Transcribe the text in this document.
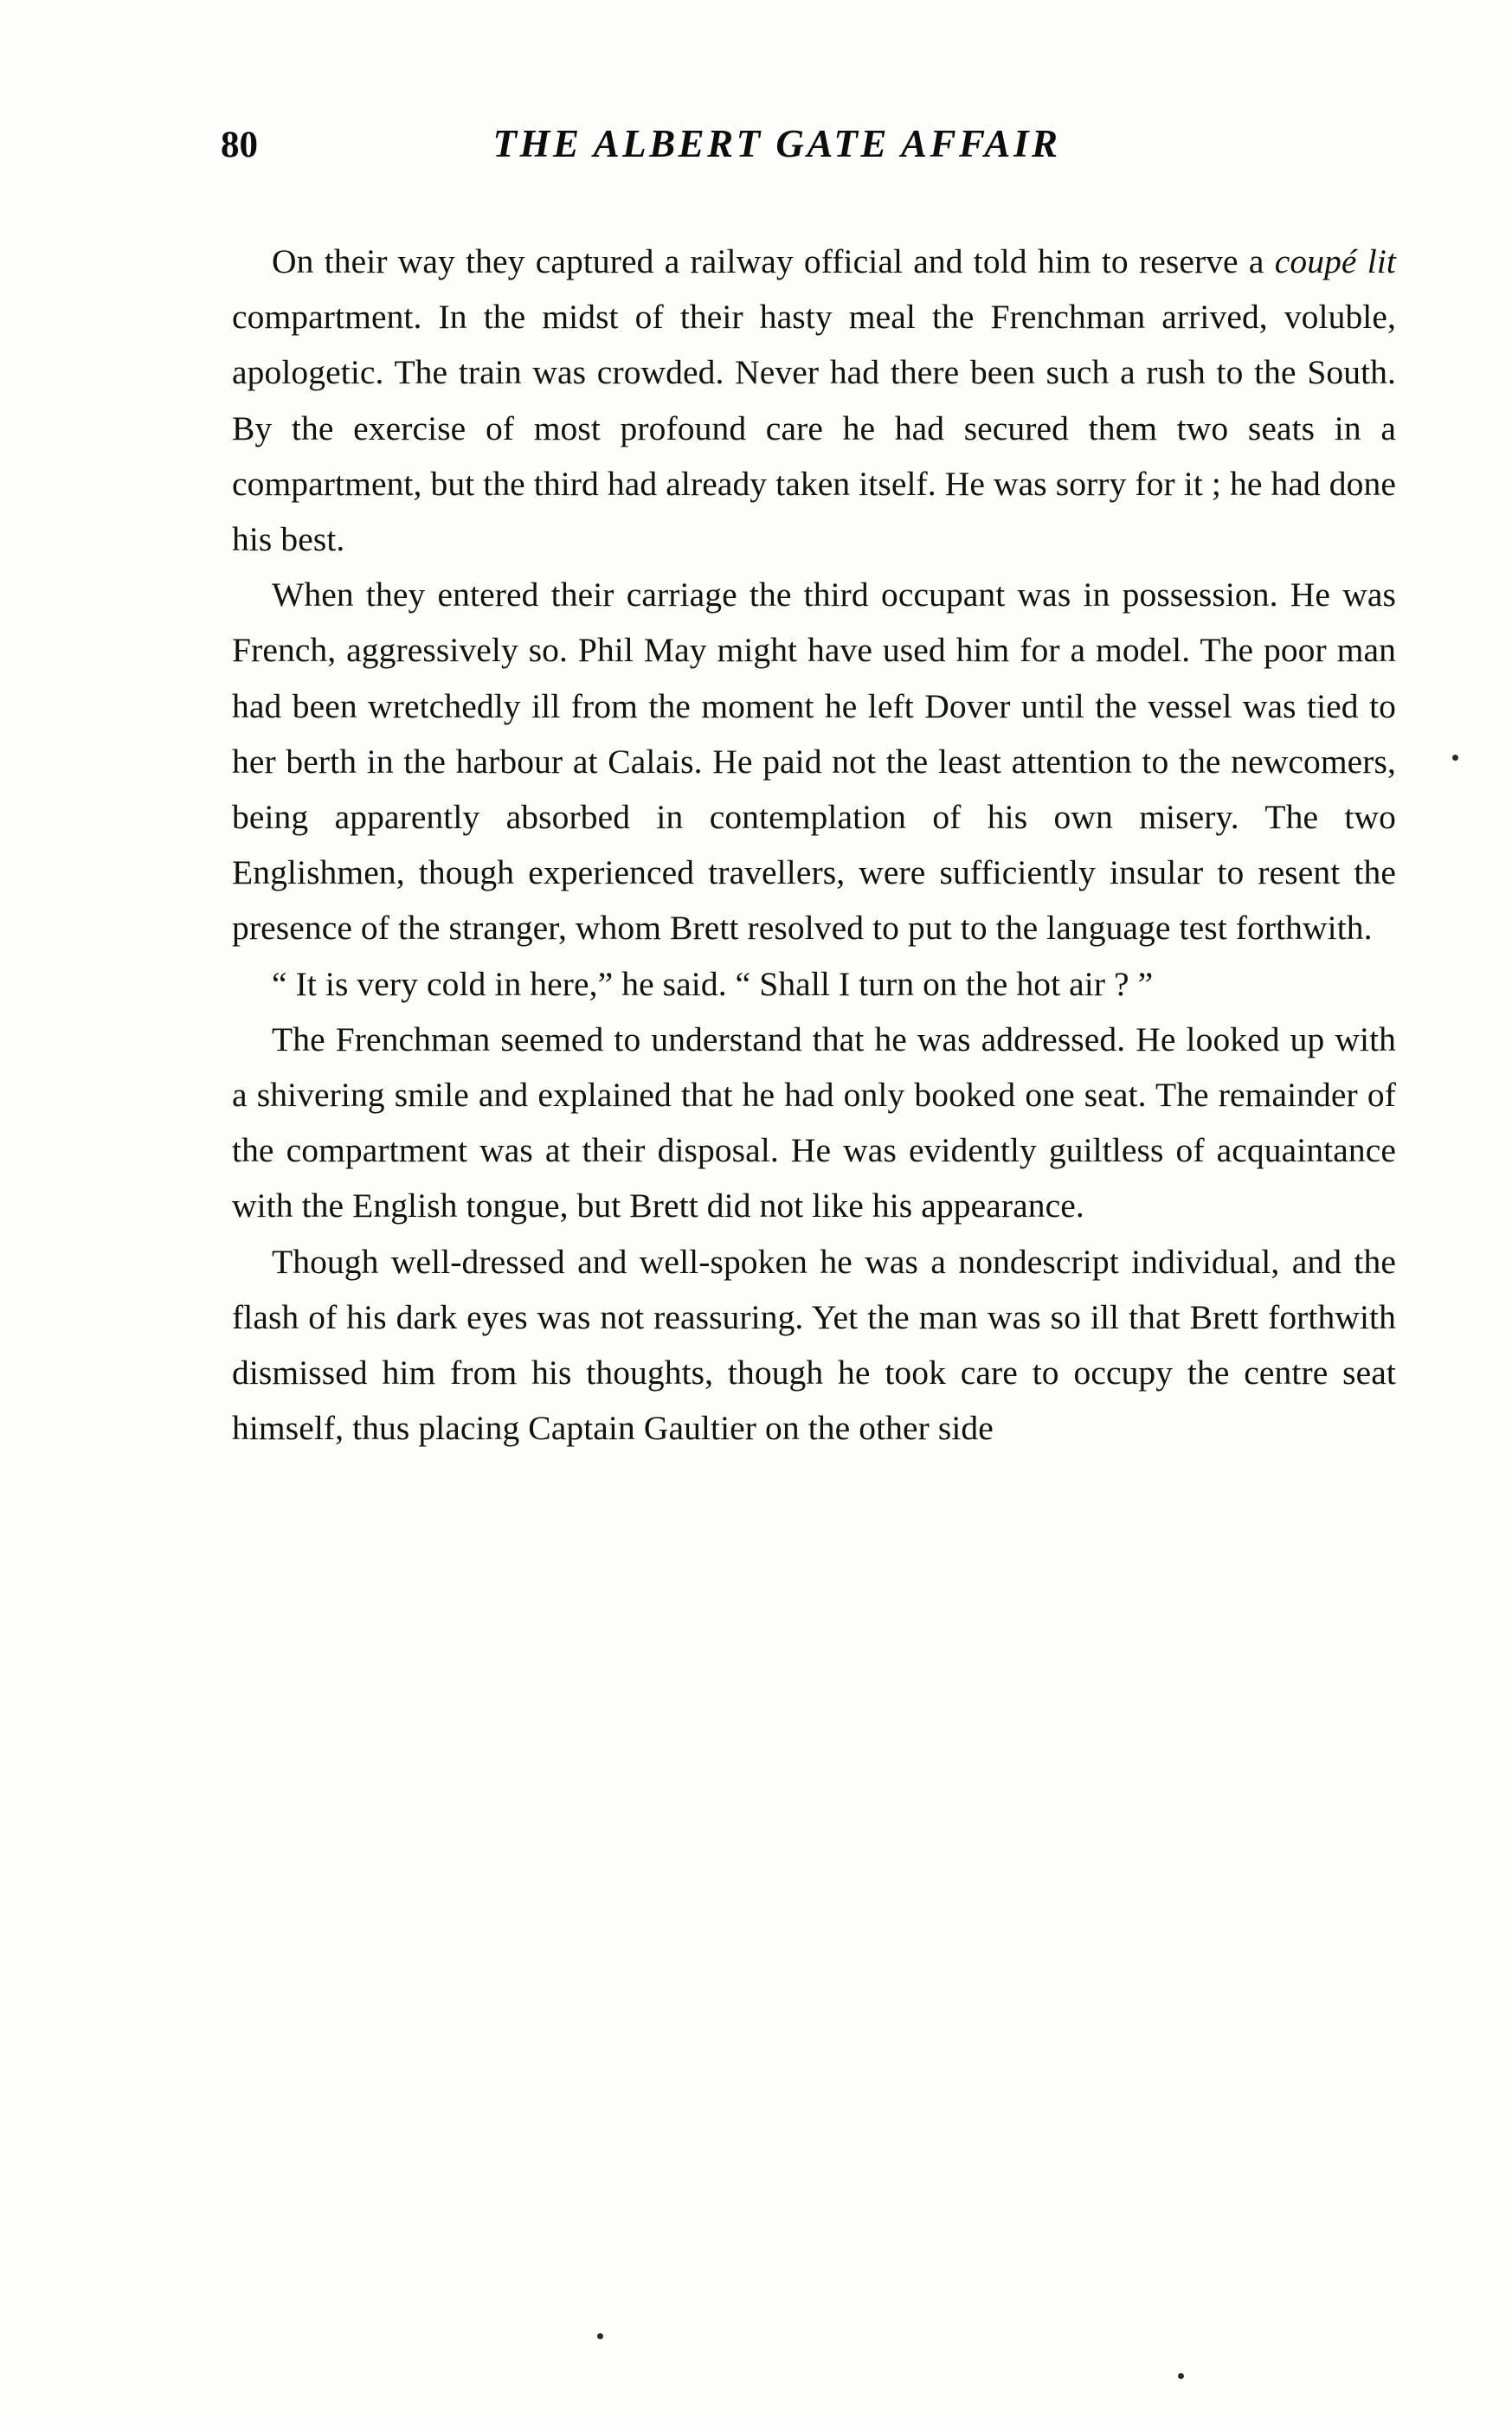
80	THE ALBERT GATE AFFAIR

On their way they captured a railway official and told him to reserve a coupé lit compartment. In the midst of their hasty meal the Frenchman arrived, voluble, apologetic. The train was crowded. Never had there been such a rush to the South. By the exercise of most profound care he had secured them two seats in a compartment, but the third had already taken itself. He was sorry for it ; he had done his best.

When they entered their carriage the third occupant was in possession. He was French, aggressively so. Phil May might have used him for a model. The poor man had been wretchedly ill from the moment he left Dover until the vessel was tied to her berth in the harbour at Calais. He paid not the least attention to the newcomers, being apparently absorbed in contemplation of his own misery. The two Englishmen, though experienced travellers, were sufficiently insular to resent the presence of the stranger, whom Brett resolved to put to the language test forthwith.

“ It is very cold in here,” he said. “ Shall I turn on the hot air ? ”

The Frenchman seemed to understand that he was addressed. He looked up with a shivering smile and explained that he had only booked one seat. The remainder of the compartment was at their disposal. He was evidently guiltless of acquaintance with the English tongue, but Brett did not like his appearance.

Though well-dressed and well-spoken he was a nondescript individual, and the flash of his dark eyes was not reassuring. Yet the man was so ill that Brett forthwith dismissed him from his thoughts, though he took care to occupy the centre seat himself, thus placing Captain Gaultier on the other side
